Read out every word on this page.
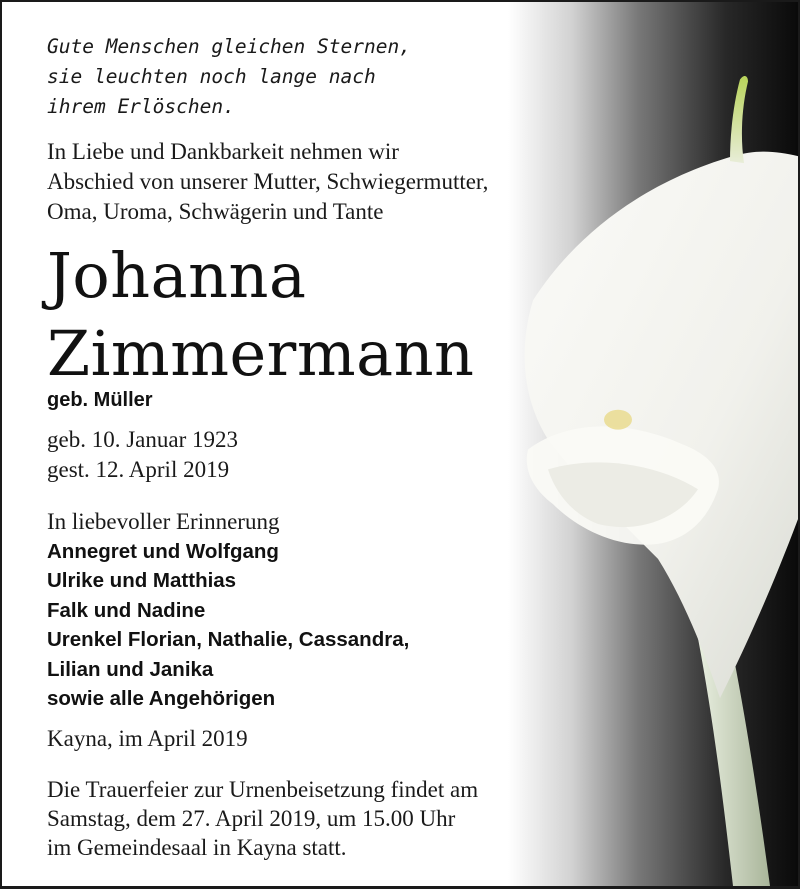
Gute Menschen gleichen Sternen,
sie leuchten noch lange nach
ihrem Erlöschen.
In Liebe und Dankbarkeit nehmen wir
Abschied von unserer Mutter, Schwiegermutter,
Oma, Uroma, Schwägerin und Tante
Johanna
Zimmermann
geb. Müller
geb. 10. Januar 1923
gest. 12. April 2019
In liebevoller Erinnerung
Annegret und Wolfgang
Ulrike und Matthias
Falk und Nadine
Urenkel Florian, Nathalie, Cassandra,
Lilian und Janika
sowie alle Angehörigen
Kayna, im April 2019
Die Trauerfeier zur Urnenbeisetzung findet am
Samstag, dem 27. April 2019, um 15.00 Uhr
im Gemeindesaal in Kayna statt.
